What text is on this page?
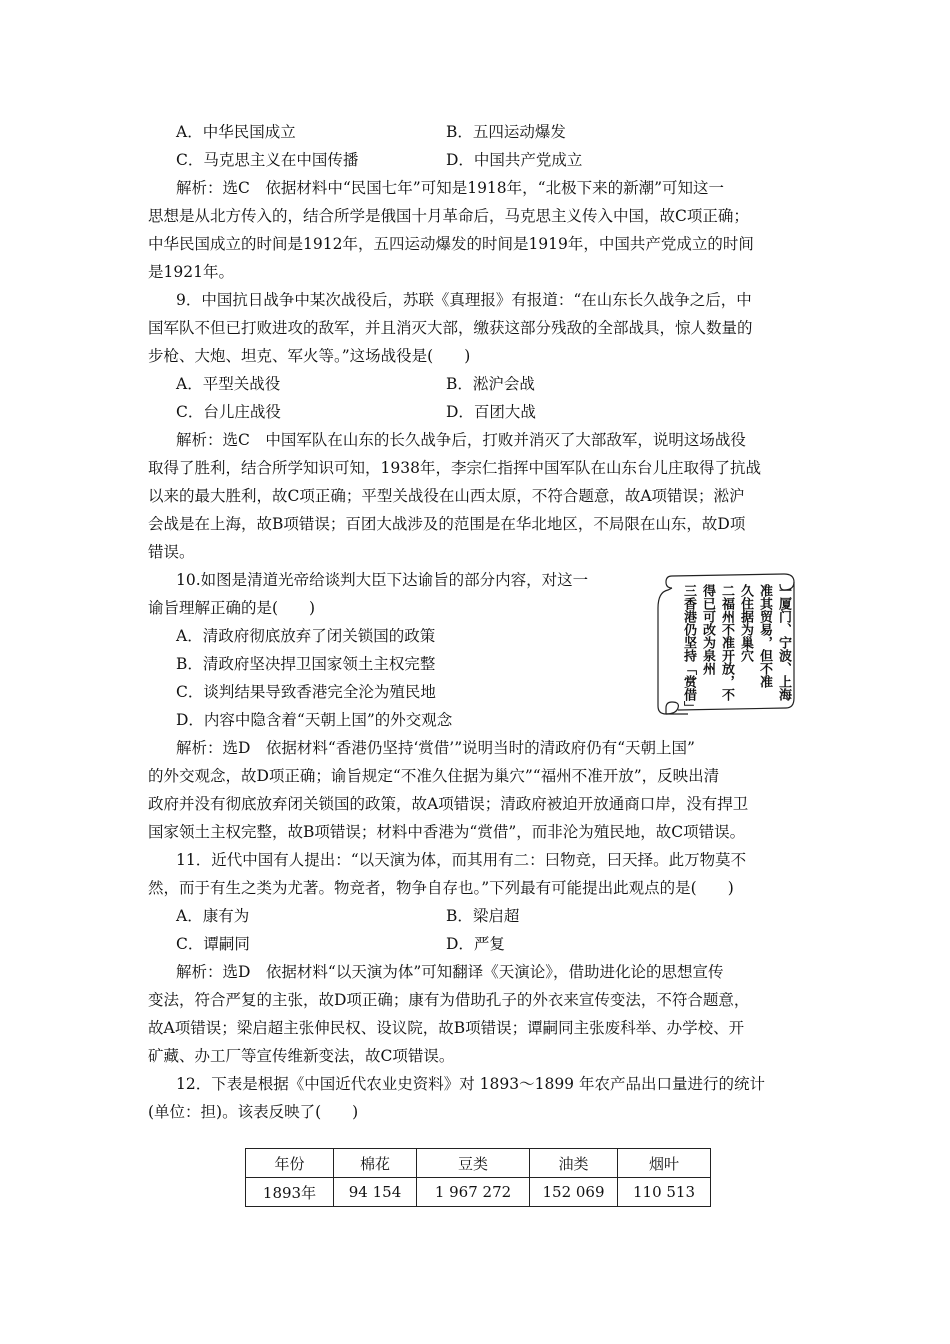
A．中华民国成立	B．五四运动爆发
C．马克思主义在中国传播	D．中国共产党成立
解析：选C　依据材料中“民国七年”可知是1918年，“北极下来的新潮”可知这一
思想是从北方传入的，结合所学是俄国十月革命后，马克思主义传入中国，故C项正确；
中华民国成立的时间是1912年，五四运动爆发的时间是1919年，中国共产党成立的时间
是1921年。
9．中国抗日战争中某次战役后，苏联《真理报》有报道：“在山东长久战争之后，中
国军队不但已打败进攻的敌军，并且消灭大部，缴获这部分残敌的全部战具，惊人数量的
步枪、大炮、坦克、军火等。”这场战役是(　　)
A．平型关战役	B．淞沪会战
C．台儿庄战役	D．百团大战
解析：选C　中国军队在山东的长久战争后，打败并消灭了大部敌军，说明这场战役
取得了胜利，结合所学知识可知，1938年，李宗仁指挥中国军队在山东台儿庄取得了抗战
以来的最大胜利，故C项正确；平型关战役在山西太原，不符合题意，故A项错误；淞沪
会战是在上海，故B项错误；百团大战涉及的范围是在华北地区，不局限在山东，故D项
错误。
10.如图是清道光帝给谈判大臣下达谕旨的部分内容，对这一
谕旨理解正确的是(　　)
A．清政府彻底放弃了闭关锁国的政策
B．清政府坚决捍卫国家领土主权完整
C．谈判结果导致香港完全沦为殖民地
D．内容中隐含着“天朝上国”的外交观念
一厦门、宁波、上海
准其贸易，但不准
久住据为巢穴
二福州不准开放，不
得已可改为泉州
三香港仍坚持「赏借」
解析：选D　依据材料“香港仍坚持‘赏借’”说明当时的清政府仍有“天朝上国”
的外交观念，故D项正确；谕旨规定“不准久住据为巢穴”“福州不准开放”，反映出清
政府并没有彻底放弃闭关锁国的政策，故A项错误；清政府被迫开放通商口岸，没有捍卫
国家领土主权完整，故B项错误；材料中香港为“赏借”，而非沦为殖民地，故C项错误。
11．近代中国有人提出：“以天演为体，而其用有二：曰物竞，曰天择。此万物莫不
然，而于有生之类为尤著。物竞者，物争自存也。”下列最有可能提出此观点的是(　　)
A．康有为	B．梁启超
C．谭嗣同	D．严复
解析：选D　依据材料“以天演为体”可知翻译《天演论》，借助进化论的思想宣传
变法，符合严复的主张，故D项正确；康有为借助孔子的外衣来宣传变法，不符合题意，
故A项错误；梁启超主张伸民权、设议院，故B项错误；谭嗣同主张废科举、办学校、开
矿藏、办工厂等宣传维新变法，故C项错误。
12．下表是根据《中国近代农业史资料》对 1893～1899 年农产品出口量进行的统计
(单位：担)。该表反映了(　　)
年份	棉花	豆类	油类	烟叶
1893年	94 154	1 967 272	152 069	110 513
